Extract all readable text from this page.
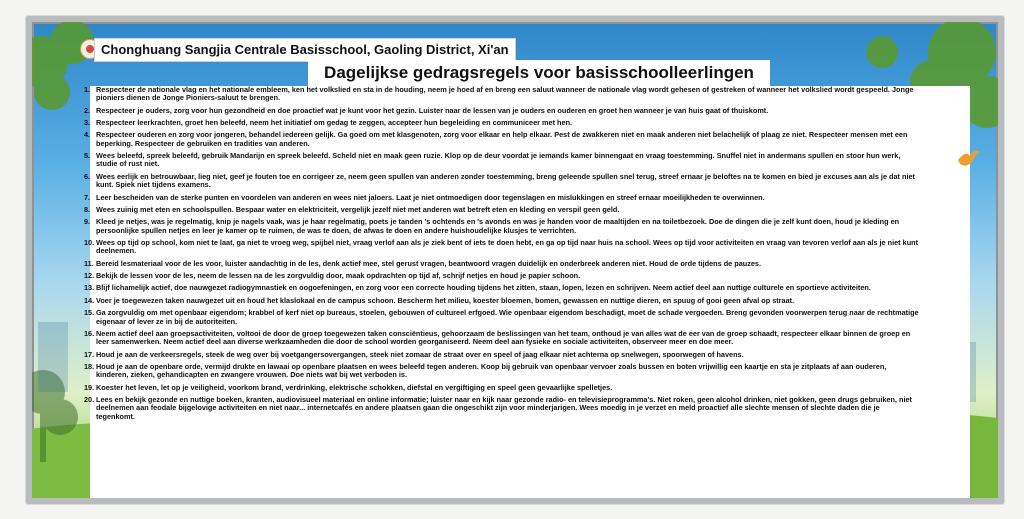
Chonghuang Sangjia Centrale Basisschool, Gaoling District, Xi'an
Dagelijkse gedragsregels voor basisschoolleerlingen
1. Respecteer de nationale vlag en het nationale embleem, ken het volkslied en sta in de houding, neem je hoed af en breng een saluut wanneer de nationale vlag wordt gehesen of gestreken of wanneer het volkslied wordt gespeeld. Jonge pioniers dienen de Jonge Pioniers-saluut te brengen.
2. Respecteer je ouders, zorg voor hun gezondheid en doe proactief wat je kunt voor het gezin. Luister naar de lessen van je ouders en ouderen en groet hen wanneer je van huis gaat of thuiskomt.
3. Respecteer leerkrachten, groet hen beleefd, neem het initiatief om gedag te zeggen, accepteer hun begeleiding en communiceer met hen.
4. Respecteer ouderen en zorg voor jongeren, behandel iedereen gelijk. Ga goed om met klasgenoten, zorg voor elkaar en help elkaar. Pest de zwakkeren niet en maak anderen niet belachelijk of plaag ze niet. Respecteer mensen met een beperking. Respecteer de gebruiken en tradities van anderen.
5. Wees beleefd, spreek beleefd, gebruik Mandarijn en spreek beleefd. Scheld niet en maak geen ruzie. Klop op de deur voordat je iemands kamer binnengaat en vraag toestemming. Snuffel niet in andermans spullen en stoor hun werk, studie of rust niet.
6. Wees eerlijk en betrouwbaar, lieg niet, geef je fouten toe en corrigeer ze, neem geen spullen van anderen zonder toestemming, breng geleende spullen snel terug, streef ernaar je beloftes na te komen en bied je excuses aan als je dat niet kunt. Spiek niet tijdens examens.
7. Leer bescheiden van de sterke punten en voordelen van anderen en wees niet jaloers. Laat je niet ontmoedigen door tegenslagen en mislukkingen en streef ernaar moeilijkheden te overwinnen.
8. Wees zuinig met eten en schoolspullen. Bespaar water en elektriciteit, vergelijk jezelf niet met anderen wat betreft eten en kleding en verspil geen geld.
9. Kleed je netjes, was je regelmatig, knip je nagels vaak, was je haar regelmatig, poets je tanden 's ochtends en 's avonds en was je handen voor de maaltijden en na toiletbezoek. Doe de dingen die je zelf kunt doen, houd je kleding en persoonlijke spullen netjes en leer je kamer op te ruimen, de was te doen, de afwas te doen en andere huishoudelijke klusjes te verrichten.
10. Wees op tijd op school, kom niet te laat, ga niet te vroeg weg, spijbel niet, vraag verlof aan als je ziek bent of iets te doen hebt, en ga op tijd naar huis na school. Wees op tijd voor activiteiten en vraag van tevoren verlof aan als je niet kunt deelnemen.
11. Bereid lesmateriaal voor de les voor, luister aandachtig in de les, denk actief mee, stel gerust vragen, beantwoord vragen duidelijk en onderbreek anderen niet. Houd de orde tijdens de pauzes.
12. Bekijk de lessen voor de les, neem de lessen na de les zorgvuldig door, maak opdrachten op tijd af, schrijf netjes en houd je papier schoon.
13. Blijf lichamelijk actief, doe nauwgezet radiogymnastiek en oogoefeningen, en zorg voor een correcte houding tijdens het zitten, staan, lopen, lezen en schrijven. Neem actief deel aan nuttige culturele en sportieve activiteiten.
14. Voer je toegewezen taken nauwgezet uit en houd het klaslokaal en de campus schoon. Bescherm het milieu, koester bloemen, bomen, gewassen en nuttige dieren, en spuug of gooi geen afval op straat.
15. Ga zorgvuldig om met openbaar eigendom; krabbel of kerf niet op bureaus, stoelen, gebouwen of cultureel erfgoed. Wie openbaar eigendom beschadigt, moet de schade vergoeden. Breng gevonden voorwerpen terug naar de rechtmatige eigenaar of lever ze in bij de autoriteiten.
16. Neem actief deel aan groepsactiviteiten, voltooi de door de groep toegewezen taken consciëntieus, gehoorzaam de beslissingen van het team, onthoud je van alles wat de eer van de groep schaadt, respecteer elkaar binnen de groep en leer samenwerken. Neem actief deel aan diverse werkzaamheden die door de school worden georganiseerd. Neem deel aan fysieke en sociale activiteiten, observeer meer en doe meer.
17. Houd je aan de verkeersregels, steek de weg over bij voetgangersovergangen, steek niet zomaar de straat over en speel of jaag elkaar niet achterna op snelwegen, spoorwegen of havens.
18. Houd je aan de openbare orde, vermijd drukte en lawaai op openbare plaatsen en wees beleefd tegen anderen. Koop bij gebruik van openbaar vervoer zoals bussen en boten vrijwillig een kaartje en sta je zitplaats af aan ouderen, kinderen, zieken, gehandicapten en zwangere vrouwen. Doe niets wat bij wet verboden is.
19. Koester het leven, let op je veiligheid, voorkom brand, verdrinking, elektrische schokken, diefstal en vergiftiging en speel geen gevaarlijke spelletjes.
20. Lees en bekijk gezonde en nuttige boeken, kranten, audiovisueel materiaal en online informatie; luister naar en kijk naar gezonde radio- en televisieprogramma's. Niet roken, geen alcohol drinken, niet gokken, geen drugs gebruiken, niet deelnemen aan feodale bijgelovige activiteiten en niet naar... internetcafés en andere plaatsen gaan die ongeschikt zijn voor minderjarigen. Wees moedig in je verzet en meld proactief alle slechte mensen of slechte daden die je tegenkomt.
